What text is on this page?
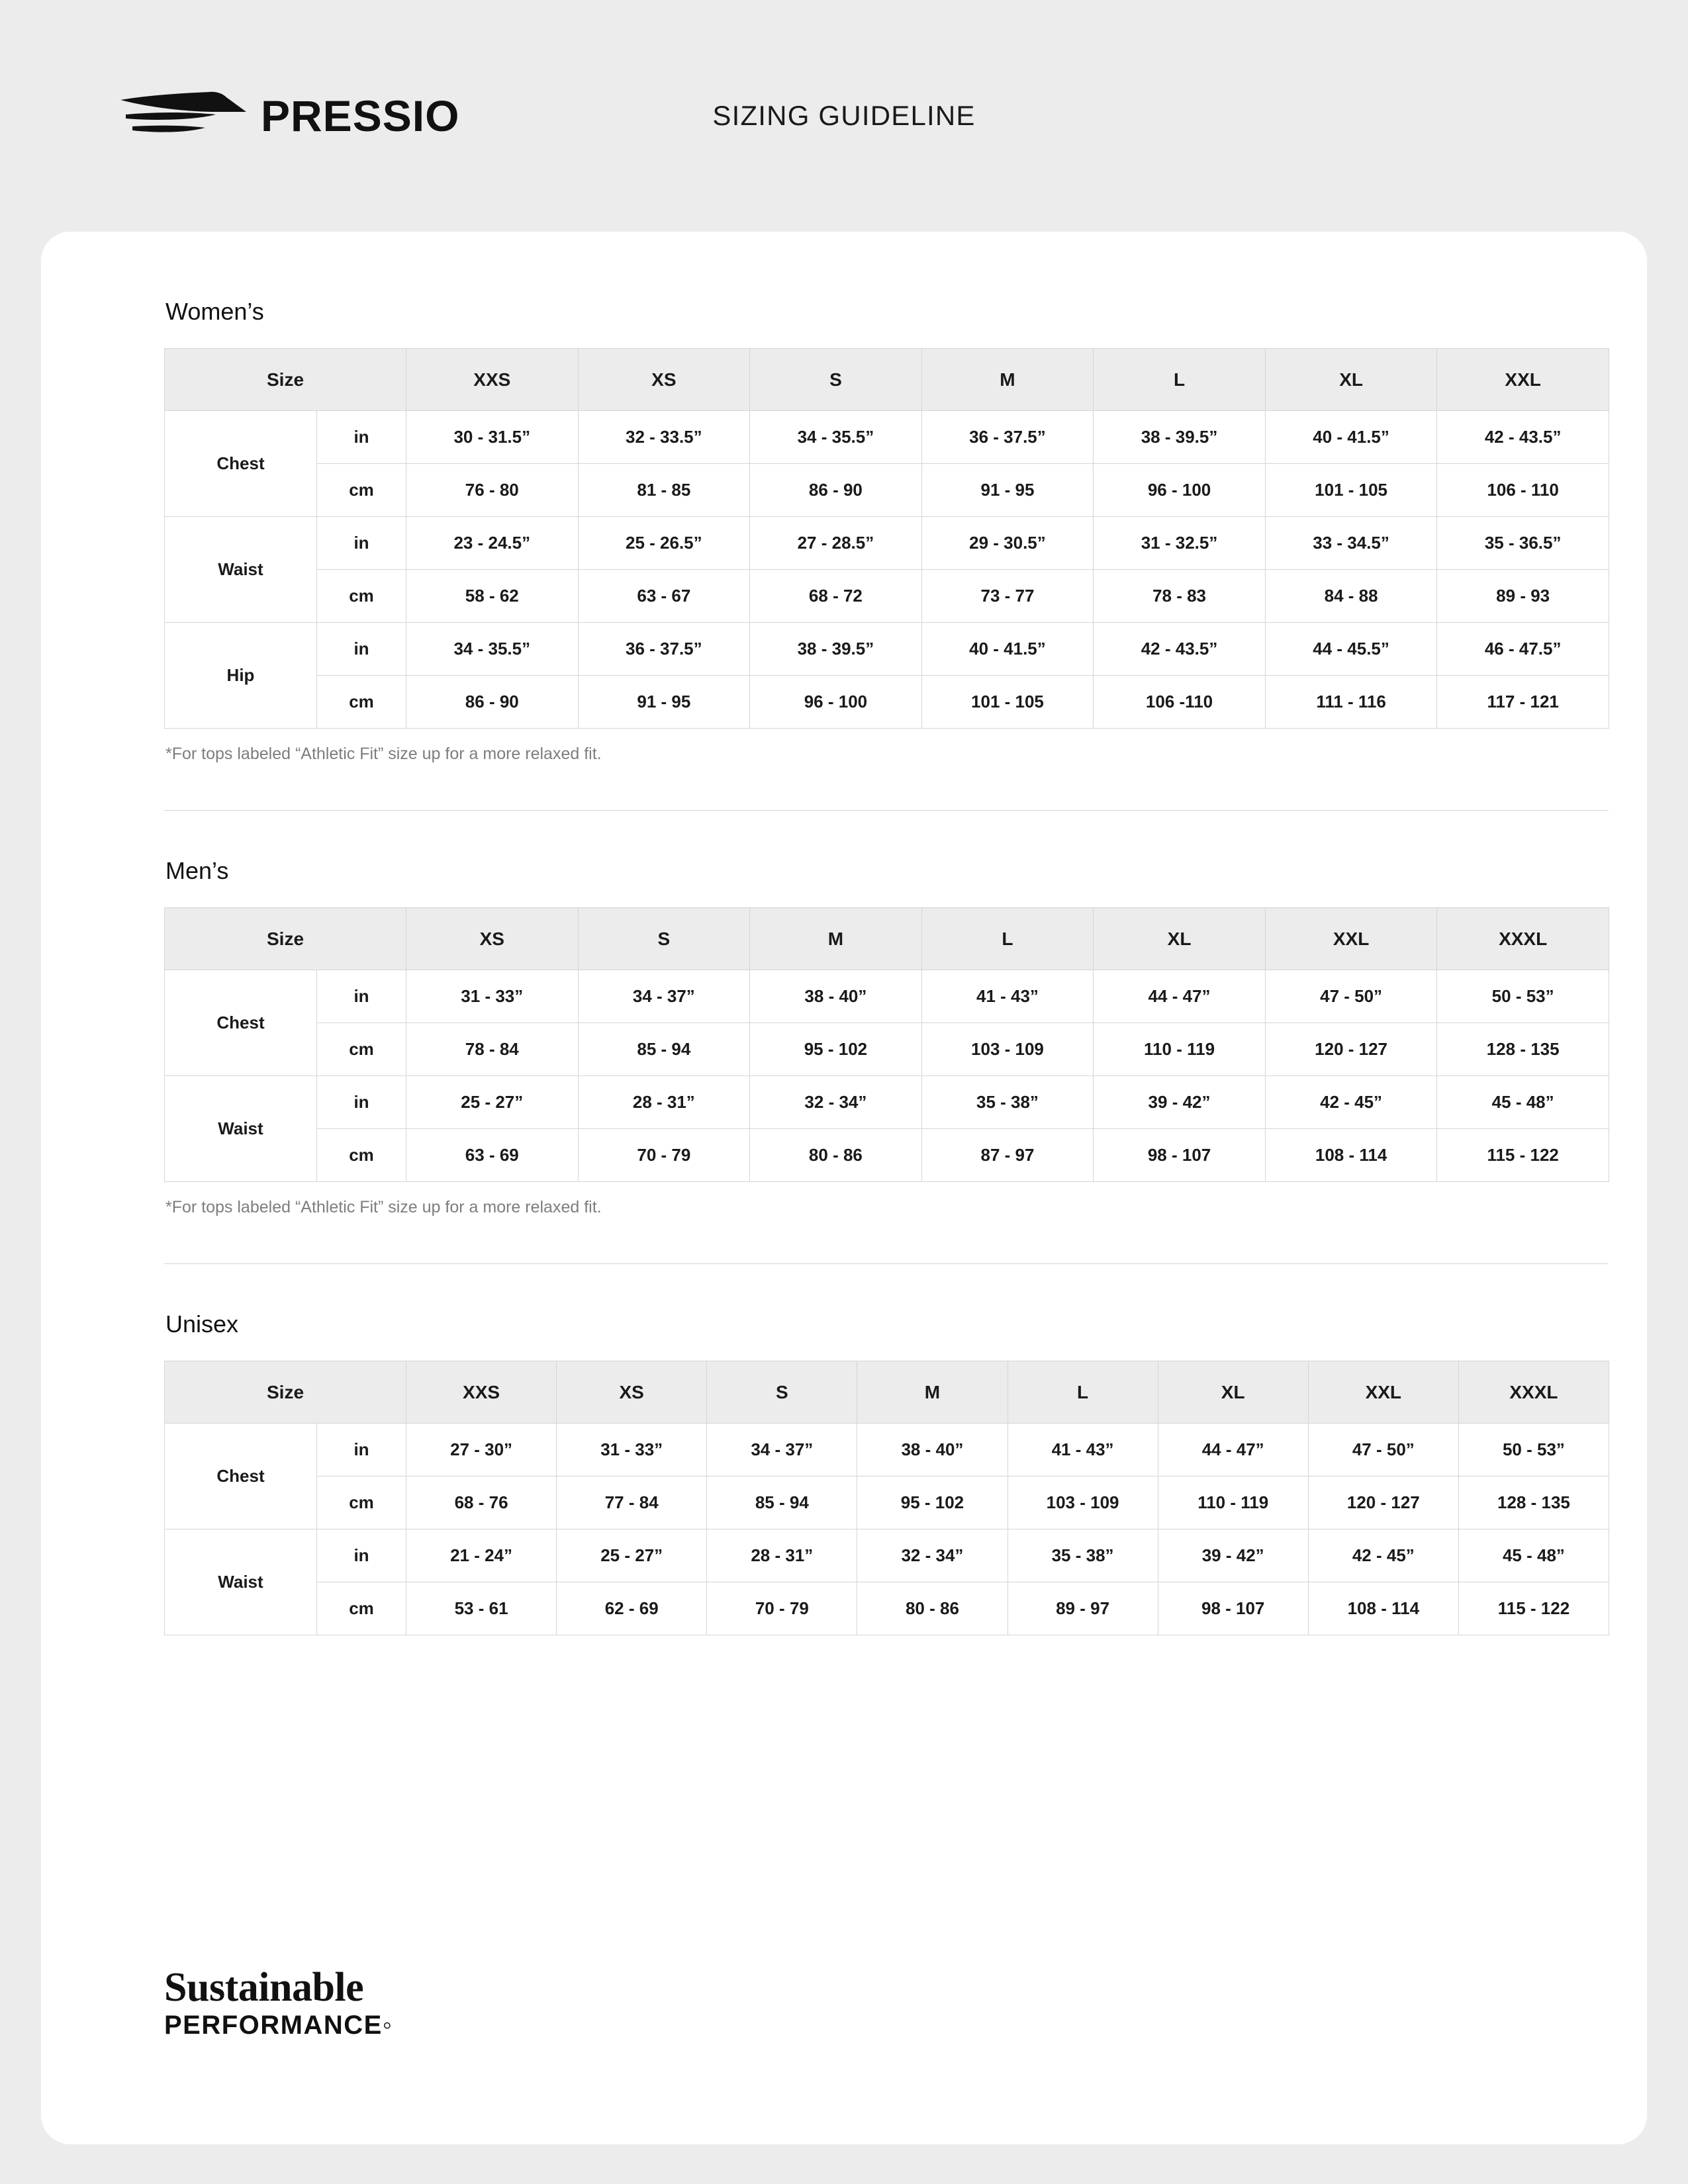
PRESSIO	SIZING GUIDELINE
Women’s
Size		XXS	XS	S	M	L	XL	XXL
Chest	in	30 - 31.5”	32 - 33.5”	34 - 35.5”	36 - 37.5”	38 - 39.5”	40 - 41.5”	42 - 43.5”
	cm	76 - 80	81 - 85	86 - 90	91 - 95	96 - 100	101 - 105	106 - 110
Waist	in	23 - 24.5”	25 - 26.5”	27 - 28.5”	29 - 30.5”	31 - 32.5”	33 - 34.5”	35 - 36.5”
	cm	58 - 62	63 - 67	68 - 72	73 - 77	78 - 83	84 - 88	89 - 93
Hip	in	34 - 35.5”	36 - 37.5”	38 - 39.5”	40 - 41.5”	42 - 43.5”	44 - 45.5”	46 - 47.5”
	cm	86 - 90	91 - 95	96 - 100	101 - 105	106 -110	111 - 116	117 - 121
*For tops labeled “Athletic Fit” size up for a more relaxed fit.
Men’s
Size		XS	S	M	L	XL	XXL	XXXL
Chest	in	31 - 33”	34 - 37”	38 - 40”	41 - 43”	44 - 47”	47 - 50”	50 - 53”
	cm	78 - 84	85 - 94	95 - 102	103 - 109	110 - 119	120 - 127	128 - 135
Waist	in	25 - 27”	28 - 31”	32 - 34”	35 - 38”	39 - 42”	42 - 45”	45 - 48”
	cm	63 - 69	70 - 79	80 - 86	87 - 97	98 - 107	108 - 114	115 - 122
*For tops labeled “Athletic Fit” size up for a more relaxed fit.
Unisex
Size		XXS	XS	S	M	L	XL	XXL	XXXL
Chest	in	27 - 30”	31 - 33”	34 - 37”	38 - 40”	41 - 43”	44 - 47”	47 - 50”	50 - 53”
	cm	68 - 76	77 - 84	85 - 94	95 - 102	103 - 109	110 - 119	120 - 127	128 - 135
Waist	in	21 - 24”	25 - 27”	28 - 31”	32 - 34”	35 - 38”	39 - 42”	42 - 45”	45 - 48”
	cm	53 - 61	62 - 69	70 - 79	80 - 86	89 - 97	98 - 107	108 - 114	115 - 122
Sustainable
PERFORMANCE◦
